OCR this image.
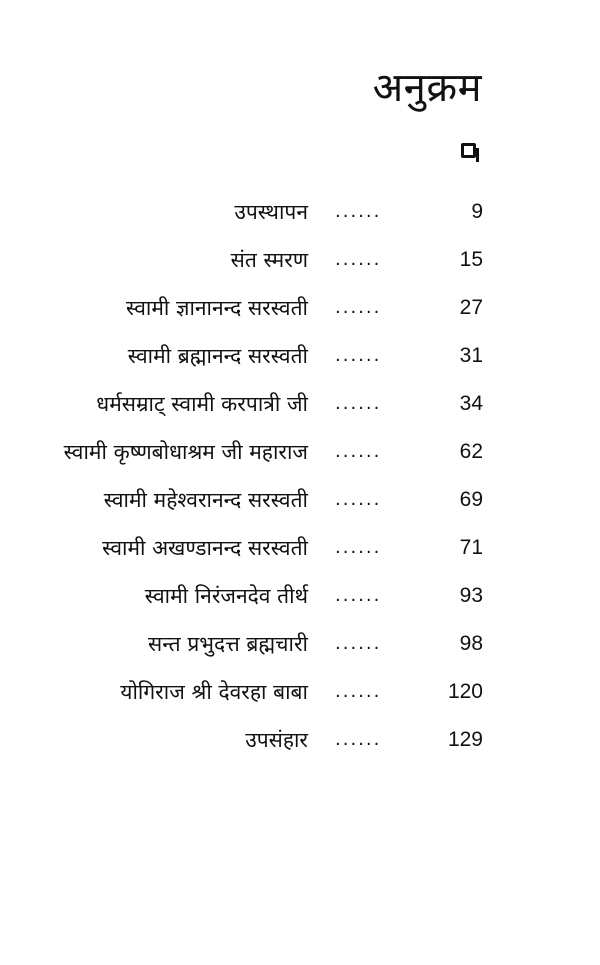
अनुक्रम
उपस्थापन ......	9
संत स्मरण ......	15
स्वामी ज्ञानानन्द सरस्वती ......	27
स्वामी ब्रह्मानन्द सरस्वती ......	31
धर्मसम्राट् स्वामी करपात्री जी ......	34
स्वामी कृष्णबोधाश्रम जी महाराज ......	62
स्वामी महेश्वरानन्द सरस्वती ......	69
स्वामी अखण्डानन्द सरस्वती ......	71
स्वामी निरंजनदेव तीर्थ ......	93
सन्त प्रभुदत्त ब्रह्मचारी ......	98
योगिराज श्री देवरहा बाबा ......	120
उपसंहार ......	129
